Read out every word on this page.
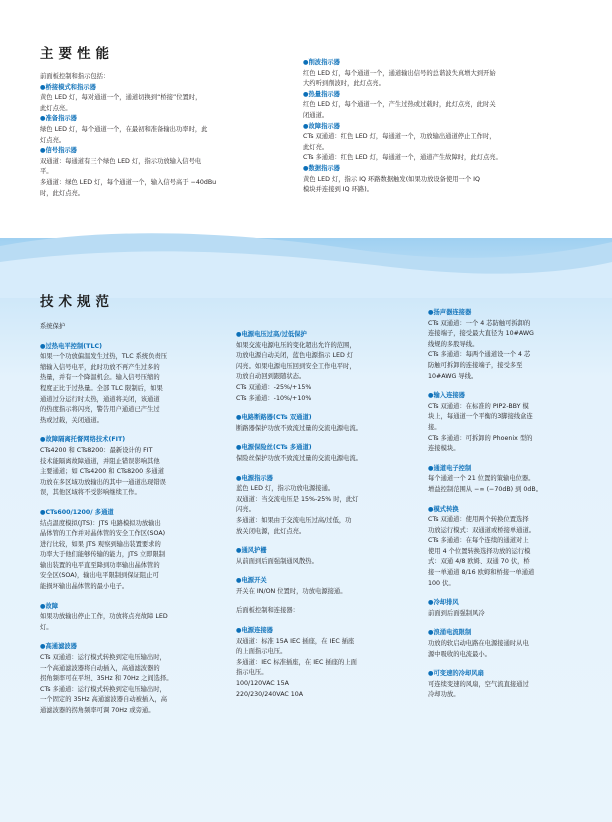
主要性能
技术规范

前面板控制和指示包括：

●桥接模式和指示器

黄色 LED 灯，每对通道一个，通道切换到“桥接”位置时，

此灯点亮。

●准备指示器

绿色 LED 灯，每个通道一个，在最初和准备输出功率时，此

灯点亮。

●信号指示器

双通道：每通道有三个绿色 LED 灯，指示功放输入信号电

平。

多通道：绿色 LED 灯，每个通道一个，输入信号高于 −40dBu

时，此灯点亮。

●削波指示器

红色 LED 灯，每个通道一个，通道输出信号的总谐波失真增大到开始

大约听到削波时，此灯点亮。

●热量指示器

红色 LED 灯，每个通道一个，产生过热或过载时，此灯点亮，此时关

闭通道。

●故障指示器

CTs 双通道：红色 LED 灯，每通道一个，功放输出通道停止工作时，

此灯亮。

CTs 多通道：红色 LED 灯，每通道一个，通道产生故障时，此灯点亮。

●数据指示器

黄色 LED 灯，指示 IQ 环路数据触发(如果功放设备使用一个 IQ

模块并连接到 IQ 环路)。

系统保护

●过热电平控制(TLC)

如果一个功放偏温发生过热，TLC 系统负责压

缩输入信号电平，此时功放不再产生过多的

热量，并有一个降温机会。输入信号压缩的

程度正比于过热量。全部 TLC 限制后，如果

通道过分运行时太热，通道将关闭，该通道

的热度指示将闪亮，警告用户通道已产生过

热或过载，关闭通道。

●故障隔离托督网络技术(FIT)

CTs4200 和 CTs8200：最新设计的 FIT

技术能隔离故障通道，并阻止错误影响其他

主要通道；如 CTs4200 和 CTs8200 多通道

功放在多区域功放输出的其中一通道出现错误

误，其他区域将不受影响继续工作。

●CTs600/1200/ 多通道

结点温度模拟(JTS)：JTS 电路模拟功放输出

晶体管的工作并对晶体管的安全工作区(SOA)

进行比较，如果 JTS 观察到输出装置要求的

功率大于他们能够传输的能力，JTS 立即限制

输出装置的电平直至降到功率输出晶体管的

安全区(SOA)，输出电平限制到保证阻止可

能损坏输出晶体管的最小电子。

●故障

如果功放输出停止工作，功放将点亮故障 LED

灯。

●高通滤波器

CTs 双通道：运行模式转换到定电压输出时，

一个高通滤波器将自动插入，高通滤波器的

拐角频率可在平坦、35Hz 和 70Hz 之间选择。

CTs 多通道：运行模式转换到定电压输出时，

一个固定的 35Hz 高通滤波器自动被插入，高

通滤波器的拐角频率可调 70Hz 或旁通。

●电源电压过高/过低保护

如果交流电源电压的变化超出允许的范围，

功放电源自动关闭，蓝色电源指示 LED 灯

闪亮。如果电源电压回到安全工作电平时，

功放自动回到跟随状态。

CTs 双通道：-25%/+15%

CTs 多通道：-10%/+10%

●电路断路器(CTs 双通道)

断路器保护功放不致流过量的交流电源电流。

●电源保险丝(CTs 多通道)

保险丝保护功放不致流过量的交流电源电流。

●电源指示器

蓝色 LED 灯，指示功放电源接通。

双通道：当交流电压是 15%-25% 时，此灯

闪亮。

多通道：如果由于交流电压过高/过低，功

放关闭电源，此灯点亮。

●通风护栅

从前面到后面强制通风散热。

●电源开关

开关在 IN/ON 位置时，功放电源接通。

后面板控制和连接器：

●电源连接器

双通道：标准 15A IEC 插座，在 IEC 插座

的上面指示电压。

多通道：IEC 标准插座，在 IEC 插座的上面

指示电压。

100/120VAC 15A

220/230/240VAC 10A

●扬声器连接器

CTs 双通道：一个 4 芯防触可拆卸的

连接端子，接受最大直径为 10#AWG

线规的多股导线。

CTs 多通道：每两个通道设一个 4 芯

防触可拆卸的连接端子，接受多至

10#AWG 导线。

●输入连接器

CTs 双通道：在标准的 PIP2-BBY 模

块上，每通道一个平衡的3脚接线盒连

接。

CTs 多通道：可拆卸的 Phoenix 型的

连接模块。

●通道电子控制

每个通道一个 21 位置的策输电位器。

增益控制范围从 −∞ (−70dB) 到 0dB。

●模式转换

CTs 双通道：使用两个转换位置选择

功放运行模式：双通道或桥接单通道。

CTs 多通道：在每个连续的通道对上

使用 4 个位置转换选择功放的运行模

式：双通 4/8 欧姆、双通 70 伏，桥

接一单通道 8/16 欧姆和桥接一单通道

100 伏。

●冷却排风

前面到后面强制风冷

●浪涌电流限制

功放的软启动电路在电源接通时从电

源中吸收的电流最小。

●可变速的冷却风扇

可连续变速的风扇，空气流直接通过

冷却功放。
